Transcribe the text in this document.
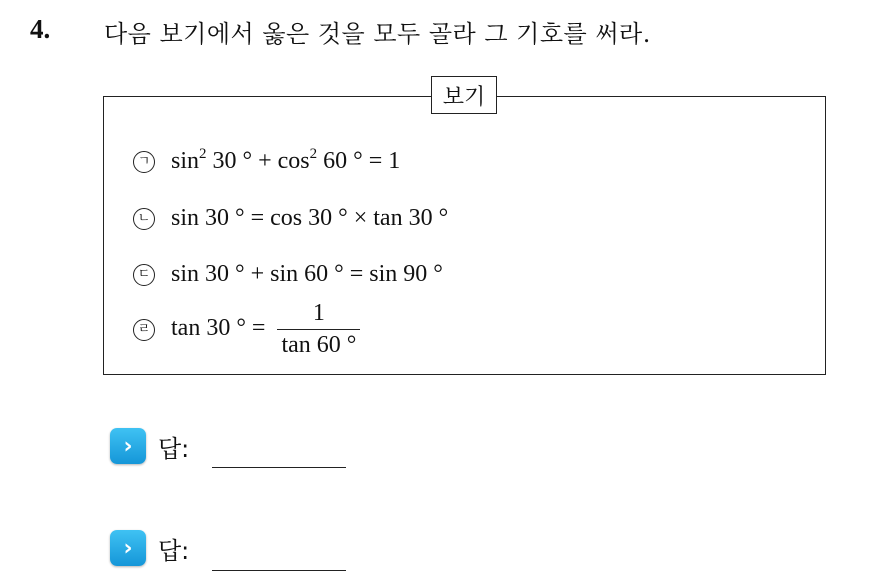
4. 다음 보기에서 옳은 것을 모두 골라 그 기호를 써라.
보기
ㄱ $\sin^2 30$ ° + $\cos^2 60$ ° = 1
ㄴ sin 30 ° = cos 30 ° × tan 30 °
ㄷ sin 30 ° + sin 60 ° = sin 90 °
ㄹ tan 30 ° = $\frac{1}{\tan 60 ^\circ}$
›	답:
›	답:
